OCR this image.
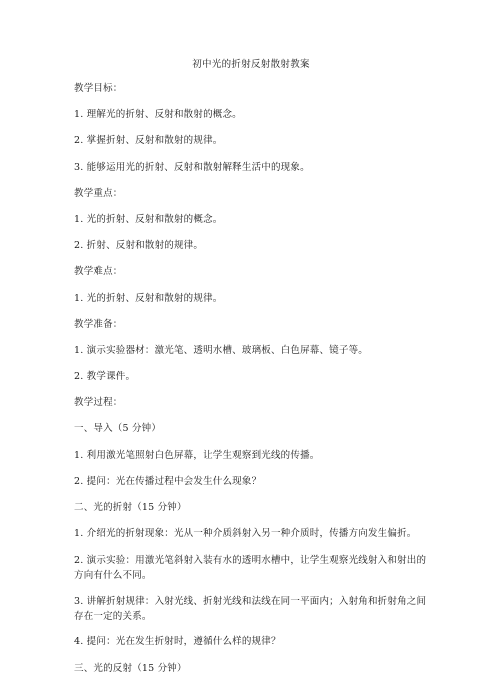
初中光的折射反射散射教案
教学目标：
1. 理解光的折射、反射和散射的概念。
2. 掌握折射、反射和散射的规律。
3. 能够运用光的折射、反射和散射解释生活中的现象。
教学重点：
1. 光的折射、反射和散射的概念。
2. 折射、反射和散射的规律。
教学难点：
1. 光的折射、反射和散射的规律。
教学准备：
1. 演示实验器材：激光笔、透明水槽、玻璃板、白色屏幕、镜子等。
2. 教学课件。
教学过程：
一、导入（5 分钟）
1. 利用激光笔照射白色屏幕，让学生观察到光线的传播。
2. 提问：光在传播过程中会发生什么现象？
二、光的折射（15 分钟）
1. 介绍光的折射现象：光从一种介质斜射入另一种介质时，传播方向发生偏折。
2. 演示实验：用激光笔斜射入装有水的透明水槽中，让学生观察光线射入和射出的方向有什么不同。
3. 讲解折射规律：入射光线、折射光线和法线在同一平面内；入射角和折射角之间存在一定的关系。
4. 提问：光在发生折射时，遵循什么样的规律？
三、光的反射（15 分钟）
